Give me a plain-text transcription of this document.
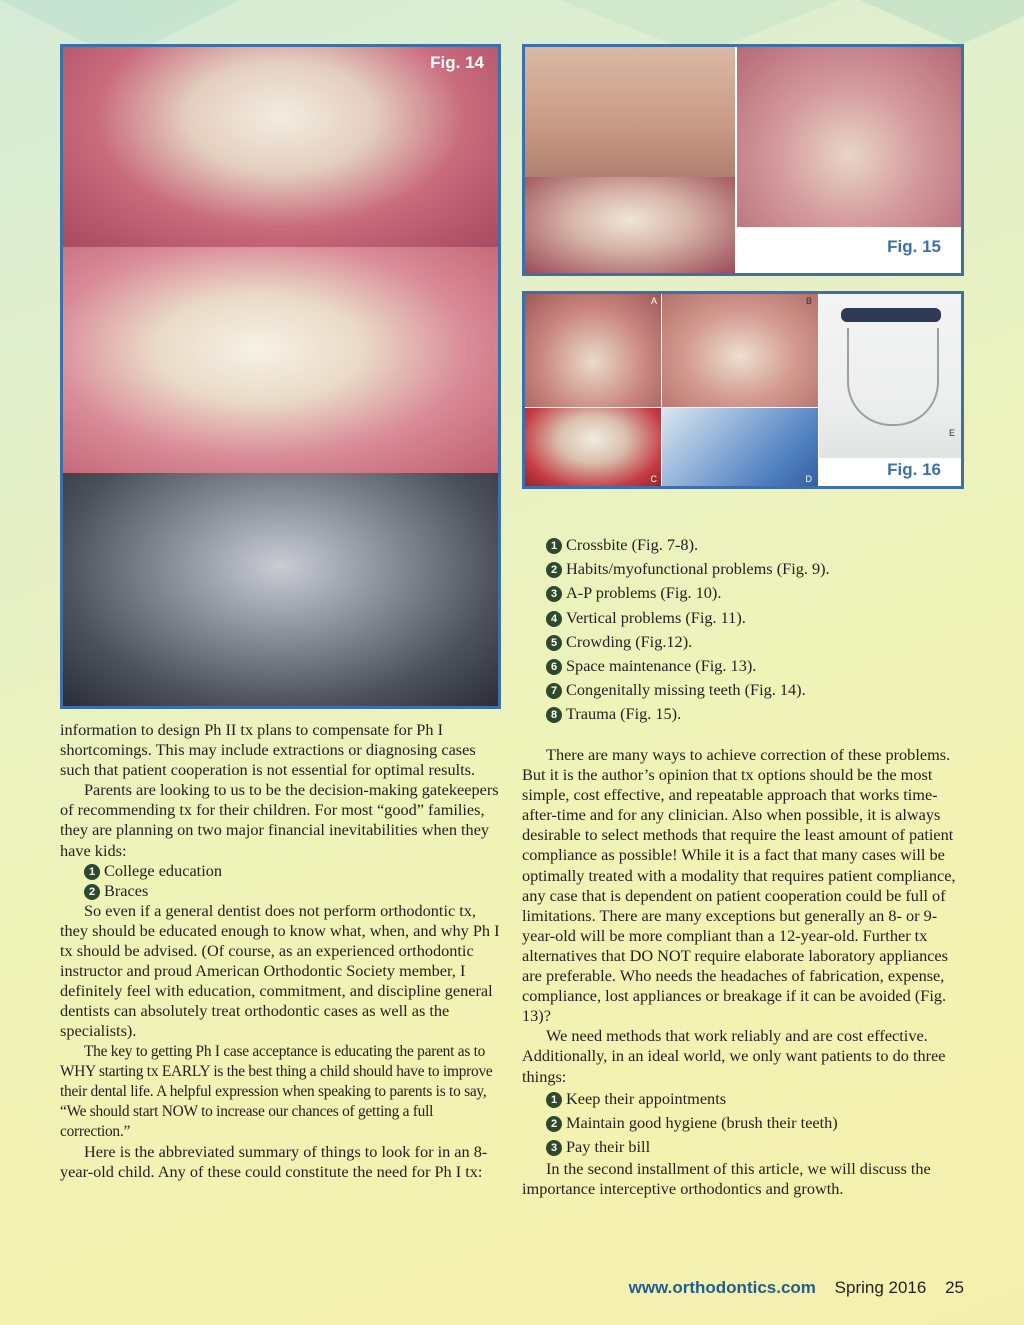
Fig. 14
Fig. 15
A	B
C	D
E
Fig. 16

information to design Ph II tx plans to compensate for Ph I shortcomings. This may include extractions or diagnosing cases such that patient cooperation is not essential for optimal results.

Parents are looking to us to be the decision-making gatekeepers of recommending tx for their children. For most “good” families, they are planning on two major financial inevitabilities when they have kids:

1 College education

2 Braces

So even if a general dentist does not perform orthodontic tx, they should be educated enough to know what, when, and why Ph I tx should be advised. (Of course, as an experienced orthodontic instructor and proud American Orthodontic Society member, I definitely feel with education, commitment, and discipline general dentists can absolutely treat orthodontic cases as well as the specialists).

The key to getting Ph I case acceptance is educating the parent as to WHY starting tx EARLY is the best thing a child should have to improve their dental life. A helpful expression when speaking to parents is to say, “We should start NOW to increase our chances of getting a full correction.”

Here is the abbreviated summary of things to look for in an 8-year-old child. Any of these could constitute the need for Ph I tx:

1 Crossbite (Fig. 7-8).

2 Habits/myofunctional problems (Fig. 9).

3 A-P problems (Fig. 10).

4 Vertical problems (Fig. 11).

5 Crowding (Fig.12).

6 Space maintenance (Fig. 13).

7 Congenitally missing teeth (Fig. 14).

8 Trauma (Fig. 15).

There are many ways to achieve correction of these problems. But it is the author’s opinion that tx options should be the most simple, cost effective, and repeatable approach that works time-after-time and for any clinician. Also when possible, it is always desirable to select methods that require the least amount of patient compliance as possible! While it is a fact that many cases will be optimally treated with a modality that requires patient compliance, any case that is dependent on patient cooperation could be full of limitations. There are many exceptions but generally an 8- or 9-year-old will be more compliant than a 12-year-old. Further tx alternatives that DO NOT require elaborate laboratory appliances are preferable. Who needs the headaches of fabrication, expense, compliance, lost appliances or breakage if it can be avoided (Fig. 13)?

We need methods that work reliably and are cost effective. Additionally, in an ideal world, we only want patients to do three things:

1 Keep their appointments

2 Maintain good hygiene (brush their teeth)

3 Pay their bill

In the second installment of this article, we will discuss the importance interceptive orthodontics and growth.

www.orthodontics.com Spring 2016 25
